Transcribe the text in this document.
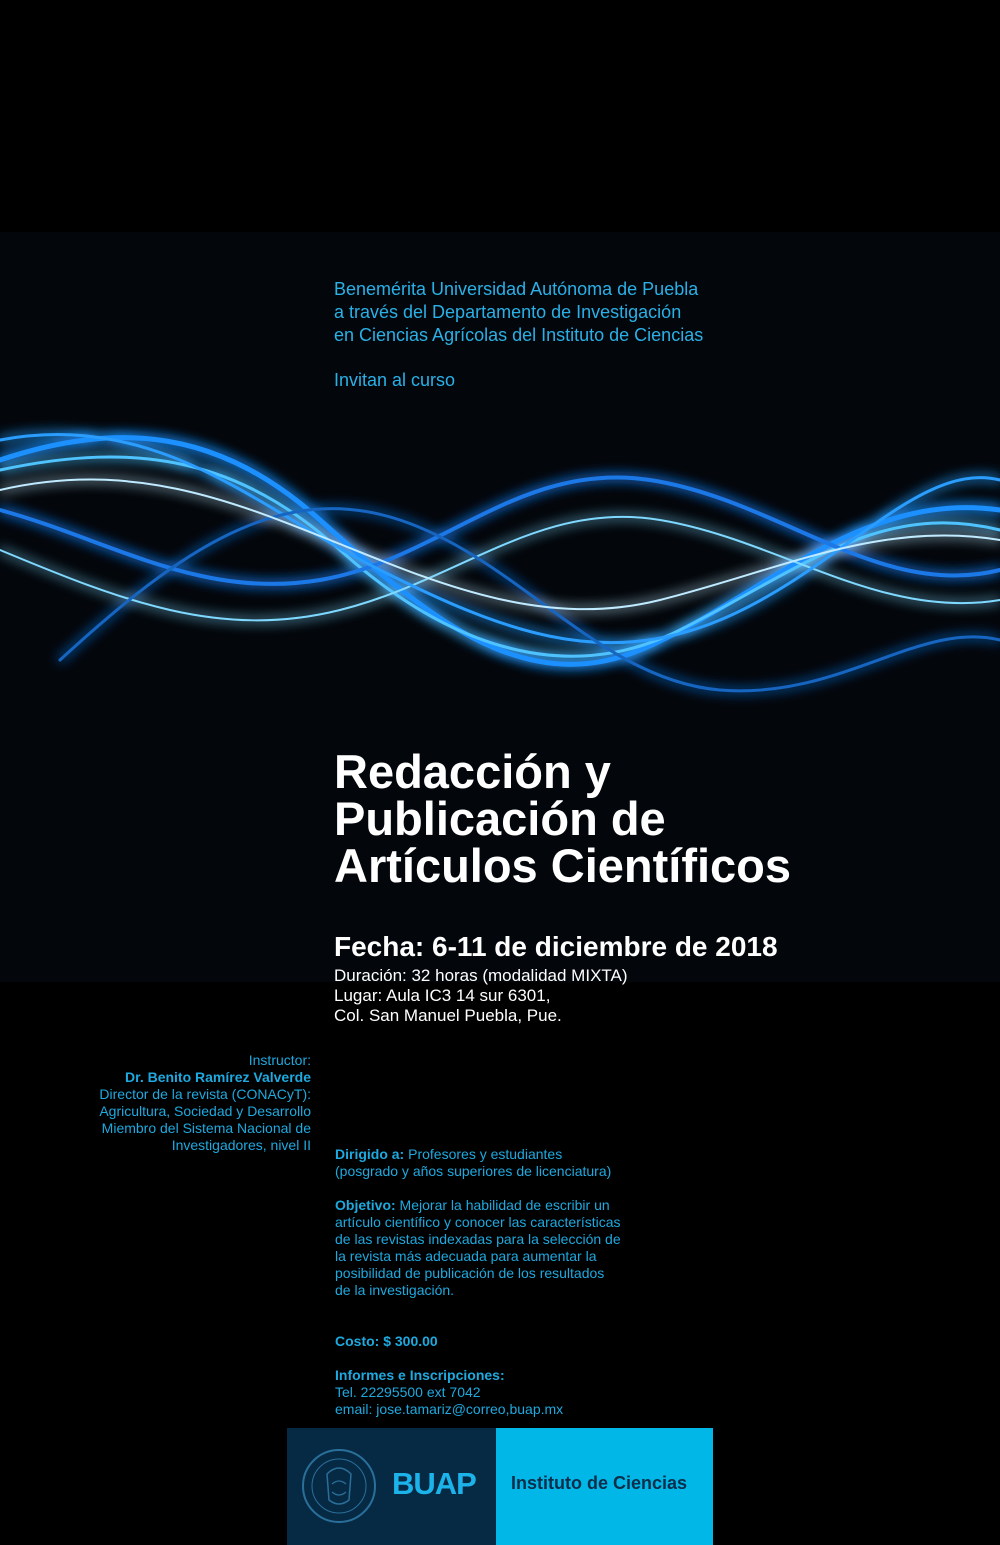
Benemérita Universidad Autónoma de Puebla
a través del Departamento de Investigación
en Ciencias Agrícolas del Instituto de Ciencias
Invitan al curso
Redacción y
Publicación de
Artículos Científicos
Fecha: 6-11 de diciembre de 2018
Duración: 32 horas (modalidad MIXTA)
Lugar: Aula IC3 14 sur 6301,
Col. San Manuel Puebla, Pue.
Instructor:
Dr. Benito Ramírez Valverde
Director de la revista (CONACyT):
Agricultura, Sociedad y Desarrollo
Miembro del Sistema Nacional de
Investigadores, nivel II

Dirigido a: Profesores y estudiantes

(posgrado y años superiores de licenciatura)

Objetivo: Mejorar la habilidad de escribir un

artículo científico y conocer las características

de las revistas indexadas para la selección de

la revista más adecuada para aumentar la

posibilidad de publicación de los resultados

de la investigación.

Costo: $ 300.00

Informes e Inscripciones:

Tel. 22295500 ext 7042

email: jose.tamariz@correo,buap.mx

BUAP Instituto de Ciencias
